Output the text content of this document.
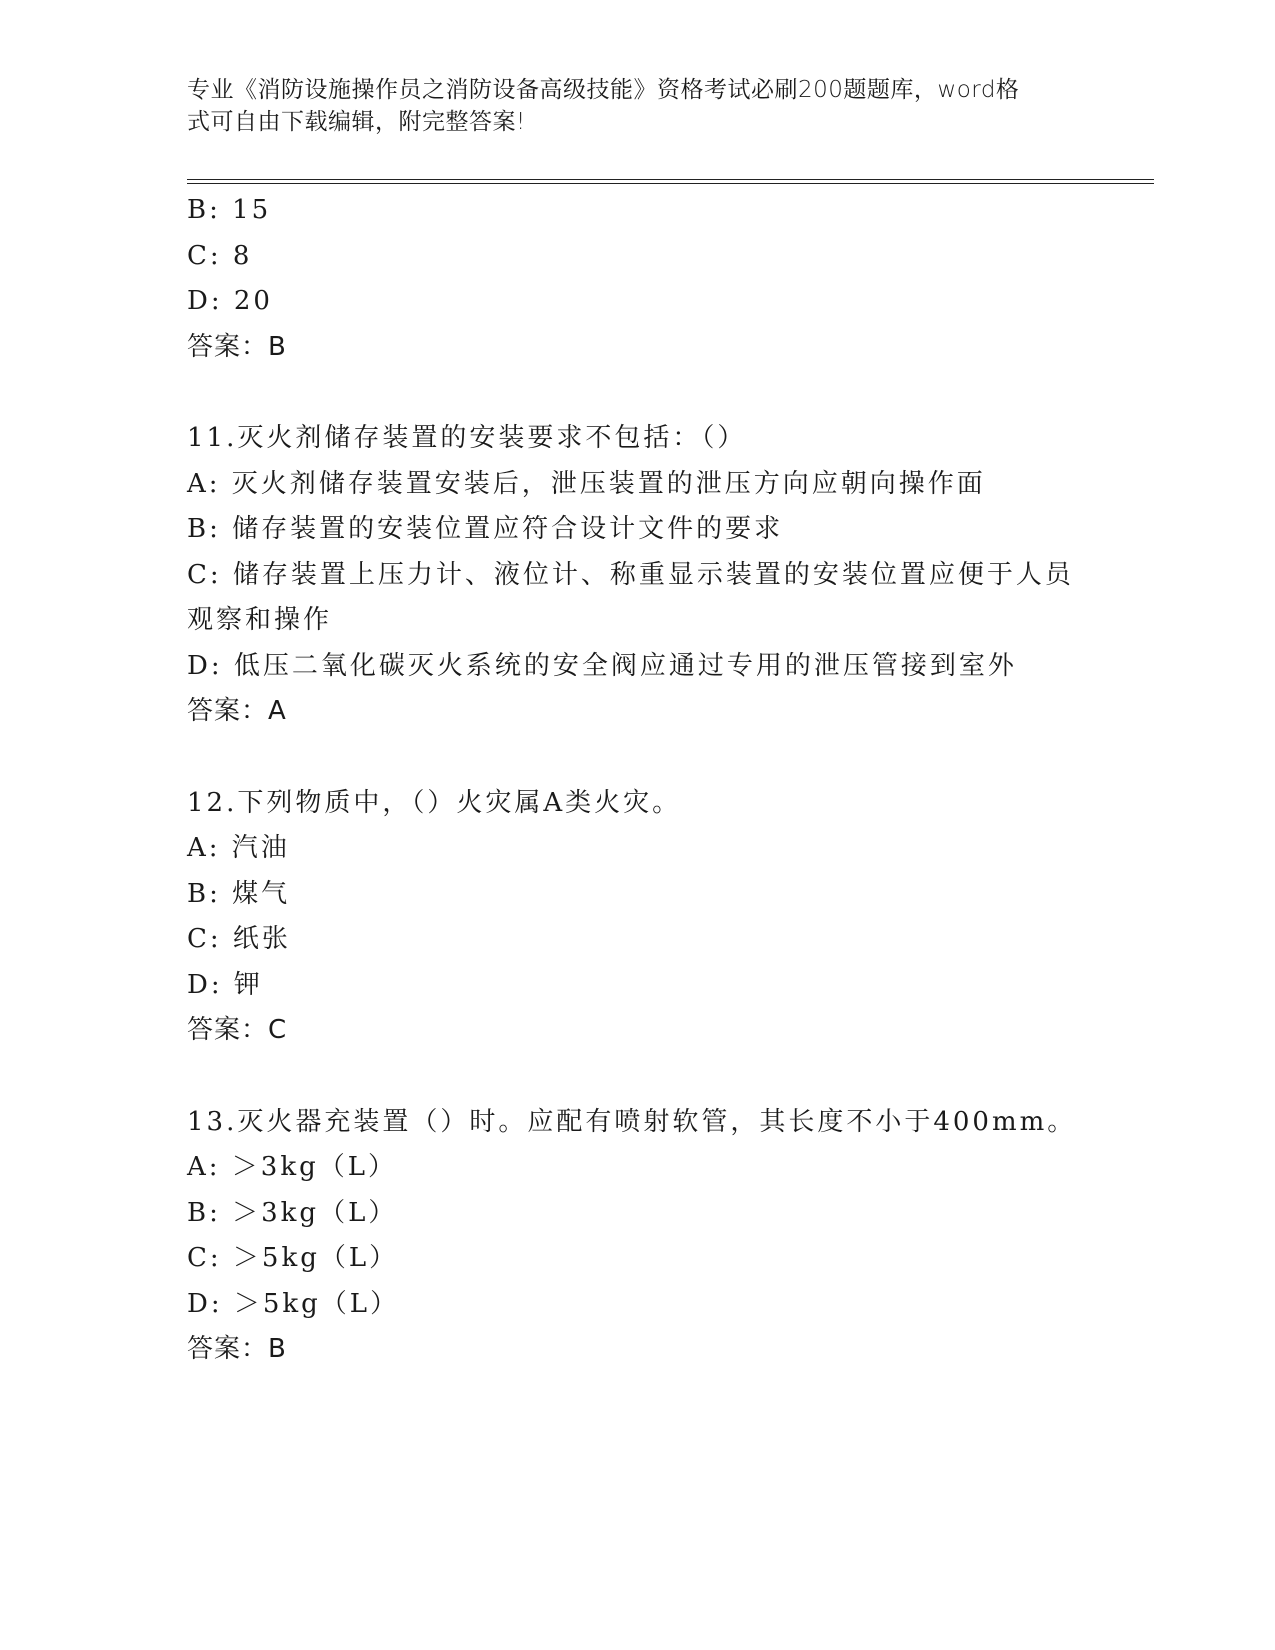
专业《消防设施操作员之消防设备高级技能》资格考试必刷200题题库，word格
式可自由下载编辑，附完整答案!
B: 15
C: 8
D: 20
答案：B
11.灭火剂储存装置的安装要求不包括：（）
A: 灭火剂储存装置安装后，泄压装置的泄压方向应朝向操作面
B: 储存装置的安装位置应符合设计文件的要求
C: 储存装置上压力计、液位计、称重显示装置的安装位置应便于人员
观察和操作
D: 低压二氧化碳灭火系统的安全阀应通过专用的泄压管接到室外
答案：A
12.下列物质中，（）火灾属A类火灾。
A: 汽油
B: 煤气
C: 纸张
D: 钾
答案：C
13.灭火器充装置（）时。应配有喷射软管，其长度不小于400mm。
A: ＞3kg（L）
B: ＞3kg（L）
C: ＞5kg（L）
D: ＞5kg（L）
答案：B
